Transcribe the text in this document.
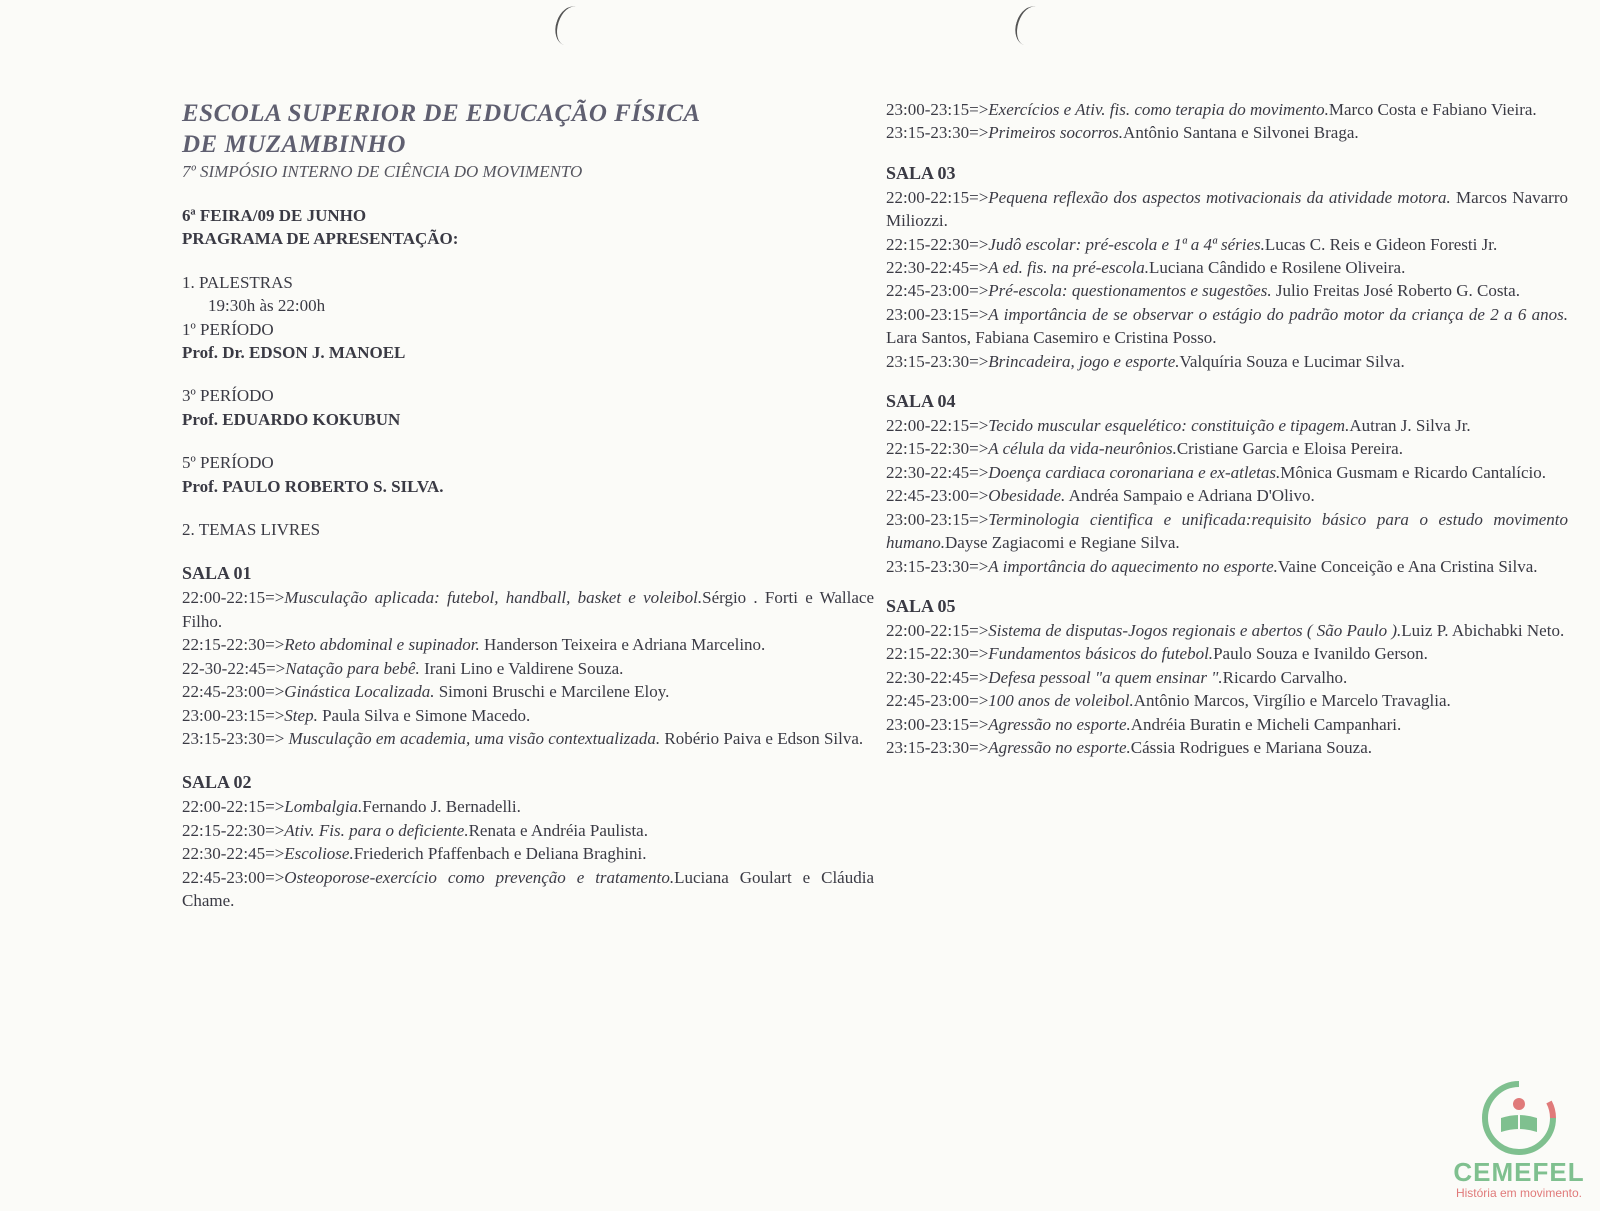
ESCOLA SUPERIOR DE EDUCAÇÃO FÍSICA
DE MUZAMBINHO
7º SIMPÓSIO INTERNO DE CIÊNCIA DO MOVIMENTO
6ª FEIRA/09 DE JUNHO
PRAGRAMA DE APRESENTAÇÃO:
1. PALESTRAS
19:30h às 22:00h
1º PERÍODO
Prof. Dr. EDSON J. MANOEL
3º PERÍODO
Prof. EDUARDO KOKUBUN
5º PERÍODO
Prof. PAULO ROBERTO S. SILVA.
2. TEMAS LIVRES
SALA 01
22:00-22:15=>Musculação aplicada: futebol, handball, basket e voleibol.Sérgio . Forti e Wallace Filho.
22:15-22:30=>Reto abdominal e supinador. Handerson Teixeira e Adriana Marcelino.
22-30-22:45=>Natação para bebê. Irani Lino e Valdirene Souza.
22:45-23:00=>Ginástica Localizada. Simoni Bruschi e Marcilene Eloy.
23:00-23:15=>Step. Paula Silva e Simone Macedo.
23:15-23:30=> Musculação em academia, uma visão contextualizada. Robério Paiva e Edson Silva.
SALA 02
22:00-22:15=>Lombalgia.Fernando J. Bernadelli.
22:15-22:30=>Ativ. Fis. para o deficiente.Renata e Andréia Paulista.
22:30-22:45=>Escoliose.Friederich Pfaffenbach e Deliana Braghini.
22:45-23:00=>Osteoporose-exercício como prevenção e tratamento.Luciana Goulart e Cláudia Chame.
23:00-23:15=>Exercícios e Ativ. fis. como terapia do movimento.Marco Costa e Fabiano Vieira.
23:15-23:30=>Primeiros socorros.Antônio Santana e Silvonei Braga.
SALA 03
22:00-22:15=>Pequena reflexão dos aspectos motivacionais da atividade motora. Marcos Navarro Miliozzi.
22:15-22:30=>Judô escolar: pré-escola e 1ª a 4ª séries.Lucas C. Reis e Gideon Foresti Jr.
22:30-22:45=>A ed. fis. na pré-escola.Luciana Cândido e Rosilene Oliveira.
22:45-23:00=>Pré-escola: questionamentos e sugestões. Julio Freitas José Roberto G. Costa.
23:00-23:15=>A importância de se observar o estágio do padrão motor da criança de 2 a 6 anos. Lara Santos, Fabiana Casemiro e Cristina Posso.
23:15-23:30=>Brincadeira, jogo e esporte.Valquíria Souza e Lucimar Silva.
SALA 04
22:00-22:15=>Tecido muscular esquelético: constituição e tipagem.Autran J. Silva Jr.
22:15-22:30=>A célula da vida-neurônios.Cristiane Garcia e Eloisa Pereira.
22:30-22:45=>Doença cardiaca coronariana e ex-atletas.Mônica Gusmam e Ricardo Cantalício.
22:45-23:00=>Obesidade. Andréa Sampaio e Adriana D'Olivo.
23:00-23:15=>Terminologia cientifica e unificada:requisito básico para o estudo movimento humano.Dayse Zagiacomi e Regiane Silva.
23:15-23:30=>A importância do aquecimento no esporte.Vaine Conceição e Ana Cristina Silva.
SALA 05
22:00-22:15=>Sistema de disputas-Jogos regionais e abertos ( São Paulo ).Luiz P. Abichabki Neto.
22:15-22:30=>Fundamentos básicos do futebol.Paulo Souza e Ivanildo Gerson.
22:30-22:45=>Defesa pessoal "a quem ensinar ".Ricardo Carvalho.
22:45-23:00=>100 anos de voleibol.Antônio Marcos, Virgílio e Marcelo Travaglia.
23:00-23:15=>Agressão no esporte.Andréia Buratin e Micheli Campanhari.
23:15-23:30=>Agressão no esporte.Cássia Rodrigues e Mariana Souza.
CEMEFEL
História em movimento.
